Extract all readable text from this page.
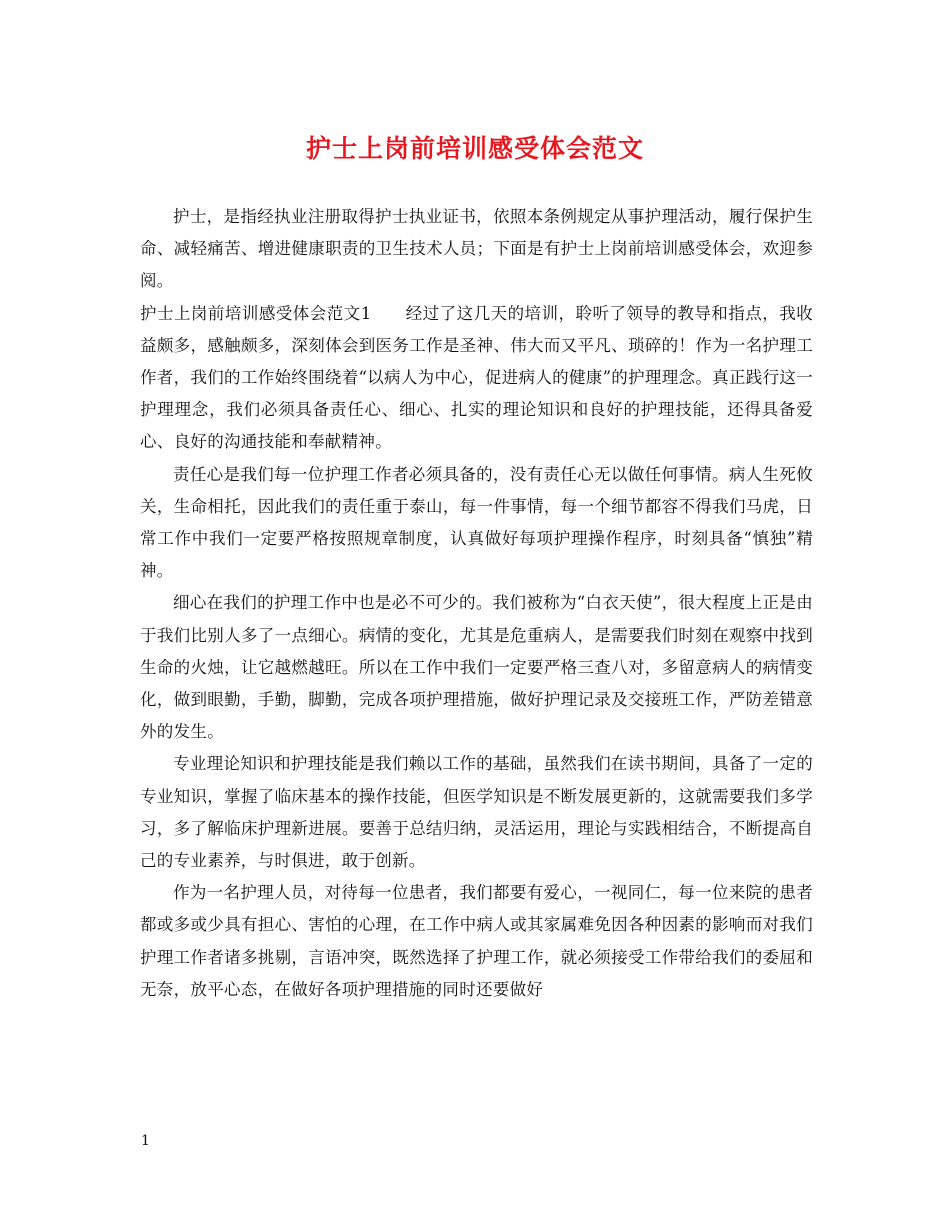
护士上岗前培训感受体会范文

护士，是指经执业注册取得护士执业证书，依照本条例规定从事护理活动，履行保护生命、减轻痛苦、增进健康职责的卫生技术人员；下面是有护士上岗前培训感受体会，欢迎参阅。

护士上岗前培训感受体会范文1 经过了这几天的培训，聆听了领导的教导和指点，我收益颇多，感触颇多，深刻体会到医务工作是圣神、伟大而又平凡、琐碎的！作为一名护理工作者，我们的工作始终围绕着“以病人为中心，促进病人的健康”的护理理念。真正践行这一护理理念，我们必须具备责任心、细心、扎实的理论知识和良好的护理技能，还得具备爱心、良好的沟通技能和奉献精神。

责任心是我们每一位护理工作者必须具备的，没有责任心无以做任何事情。病人生死攸关，生命相托，因此我们的责任重于泰山，每一件事情，每一个细节都容不得我们马虎，日常工作中我们一定要严格按照规章制度，认真做好每项护理操作程序，时刻具备“慎独”精神。

细心在我们的护理工作中也是必不可少的。我们被称为“白衣天使”，很大程度上正是由于我们比别人多了一点细心。病情的变化，尤其是危重病人，是需要我们时刻在观察中找到生命的火烛，让它越燃越旺。所以在工作中我们一定要严格三查八对，多留意病人的病情变化，做到眼勤，手勤，脚勤，完成各项护理措施，做好护理记录及交接班工作，严防差错意外的发生。

专业理论知识和护理技能是我们赖以工作的基础，虽然我们在读书期间，具备了一定的专业知识，掌握了临床基本的操作技能，但医学知识是不断发展更新的，这就需要我们多学习，多了解临床护理新进展。要善于总结归纳，灵活运用，理论与实践相结合，不断提高自己的专业素养，与时俱进，敢于创新。

作为一名护理人员，对待每一位患者，我们都要有爱心，一视同仁，每一位来院的患者都或多或少具有担心、害怕的心理，在工作中病人或其家属难免因各种因素的影响而对我们护理工作者诸多挑剔，言语冲突，既然选择了护理工作，就必须接受工作带给我们的委屈和无奈，放平心态，在做好各项护理措施的同时还要做好

1
